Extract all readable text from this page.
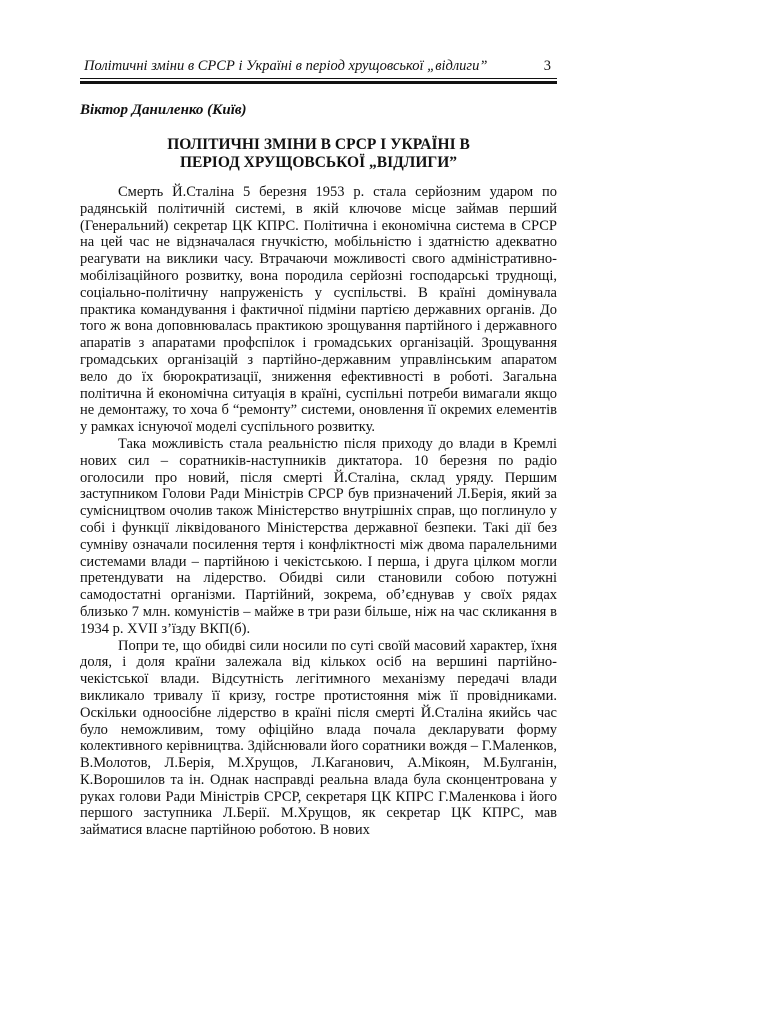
Політичні зміни в СРСР і Україні в період хрущовської „відлиги”	3
Віктор Даниленко (Київ)
ПОЛІТИЧНІ ЗМІНИ В СРСР І УКРАЇНІ В
ПЕРІОД ХРУЩОВСЬКОЇ „ВІДЛИГИ”

Смерть Й.Сталіна 5 березня 1953 р. стала серйозним ударом по радянській політичній системі, в якій ключове місце займав перший (Генеральний) секретар ЦК КПРС. Політична і економічна система в СРСР на цей час не відзначалася гнучкістю, мобільністю і здатністю адекватно реагувати на виклики часу. Втрачаючи можливості свого адміністративно-мобілізаційного розвитку, вона породила серйозні господарські труднощі, соціально-політичну напруженість у суспільстві. В країні домінувала практика командування і фактичної підміни партією державних органів. До того ж вона доповнювалась практикою зрощування партійного і державного апаратів з апаратами профспілок і громадських організацій. Зрощування громадських організацій з партійно-державним управлінським апаратом вело до їх бюрократизації, зниження ефективності в роботі. Загальна політична й економічна ситуація в країні, суспільні потреби вимагали якщо не демонтажу, то хоча б “ремонту” системи, оновлення її окремих елементів у рамках існуючої моделі суспільного розвитку.

Така можливість стала реальністю після приходу до влади в Кремлі нових сил – соратників-наступників диктатора. 10 березня по радіо оголосили про новий, після смерті Й.Сталіна, склад уряду. Першим заступником Голови Ради Міністрів СРСР був призначений Л.Берія, який за сумісництвом очолив також Міністерство внутрішніх справ, що поглинуло у собі і функції ліквідованого Міністерства державної безпеки. Такі дії без сумніву означали посилення тертя і конфліктності між двома паралельними системами влади – партійною і чекістською. І перша, і друга цілком могли претендувати на лідерство. Обидві сили становили собою потужні самодостатні організми. Партійний, зокрема, об’єднував у своїх рядах близько 7 млн. комуністів – майже в три рази більше, ніж на час скликання в 1934 р. XVII з’їзду ВКП(б).

Попри те, що обидві сили носили по суті своїй масовий характер, їхня доля, і доля країни залежала від кількох осіб на вершині партійно-чекістської влади. Відсутність легітимного механізму передачі влади викликало тривалу її кризу, гостре протистояння між її провідниками. Оскільки одноосібне лідерство в країні після смерті Й.Сталіна якийсь час було неможливим, тому офіційно влада почала декларувати форму колективного керівництва. Здійснювали його соратники вождя – Г.Маленков, В.Молотов, Л.Берія, М.Хрущов, Л.Каганович, А.Мікоян, М.Булганін, К.Ворошилов та ін. Однак насправді реальна влада була сконцентрована у руках голови Ради Міністрів СРСР, секретаря ЦК КПРС Г.Маленкова і його першого заступника Л.Берії. М.Хрущов, як секретар ЦК КПРС, мав займатися власне партійною роботою. В нових
